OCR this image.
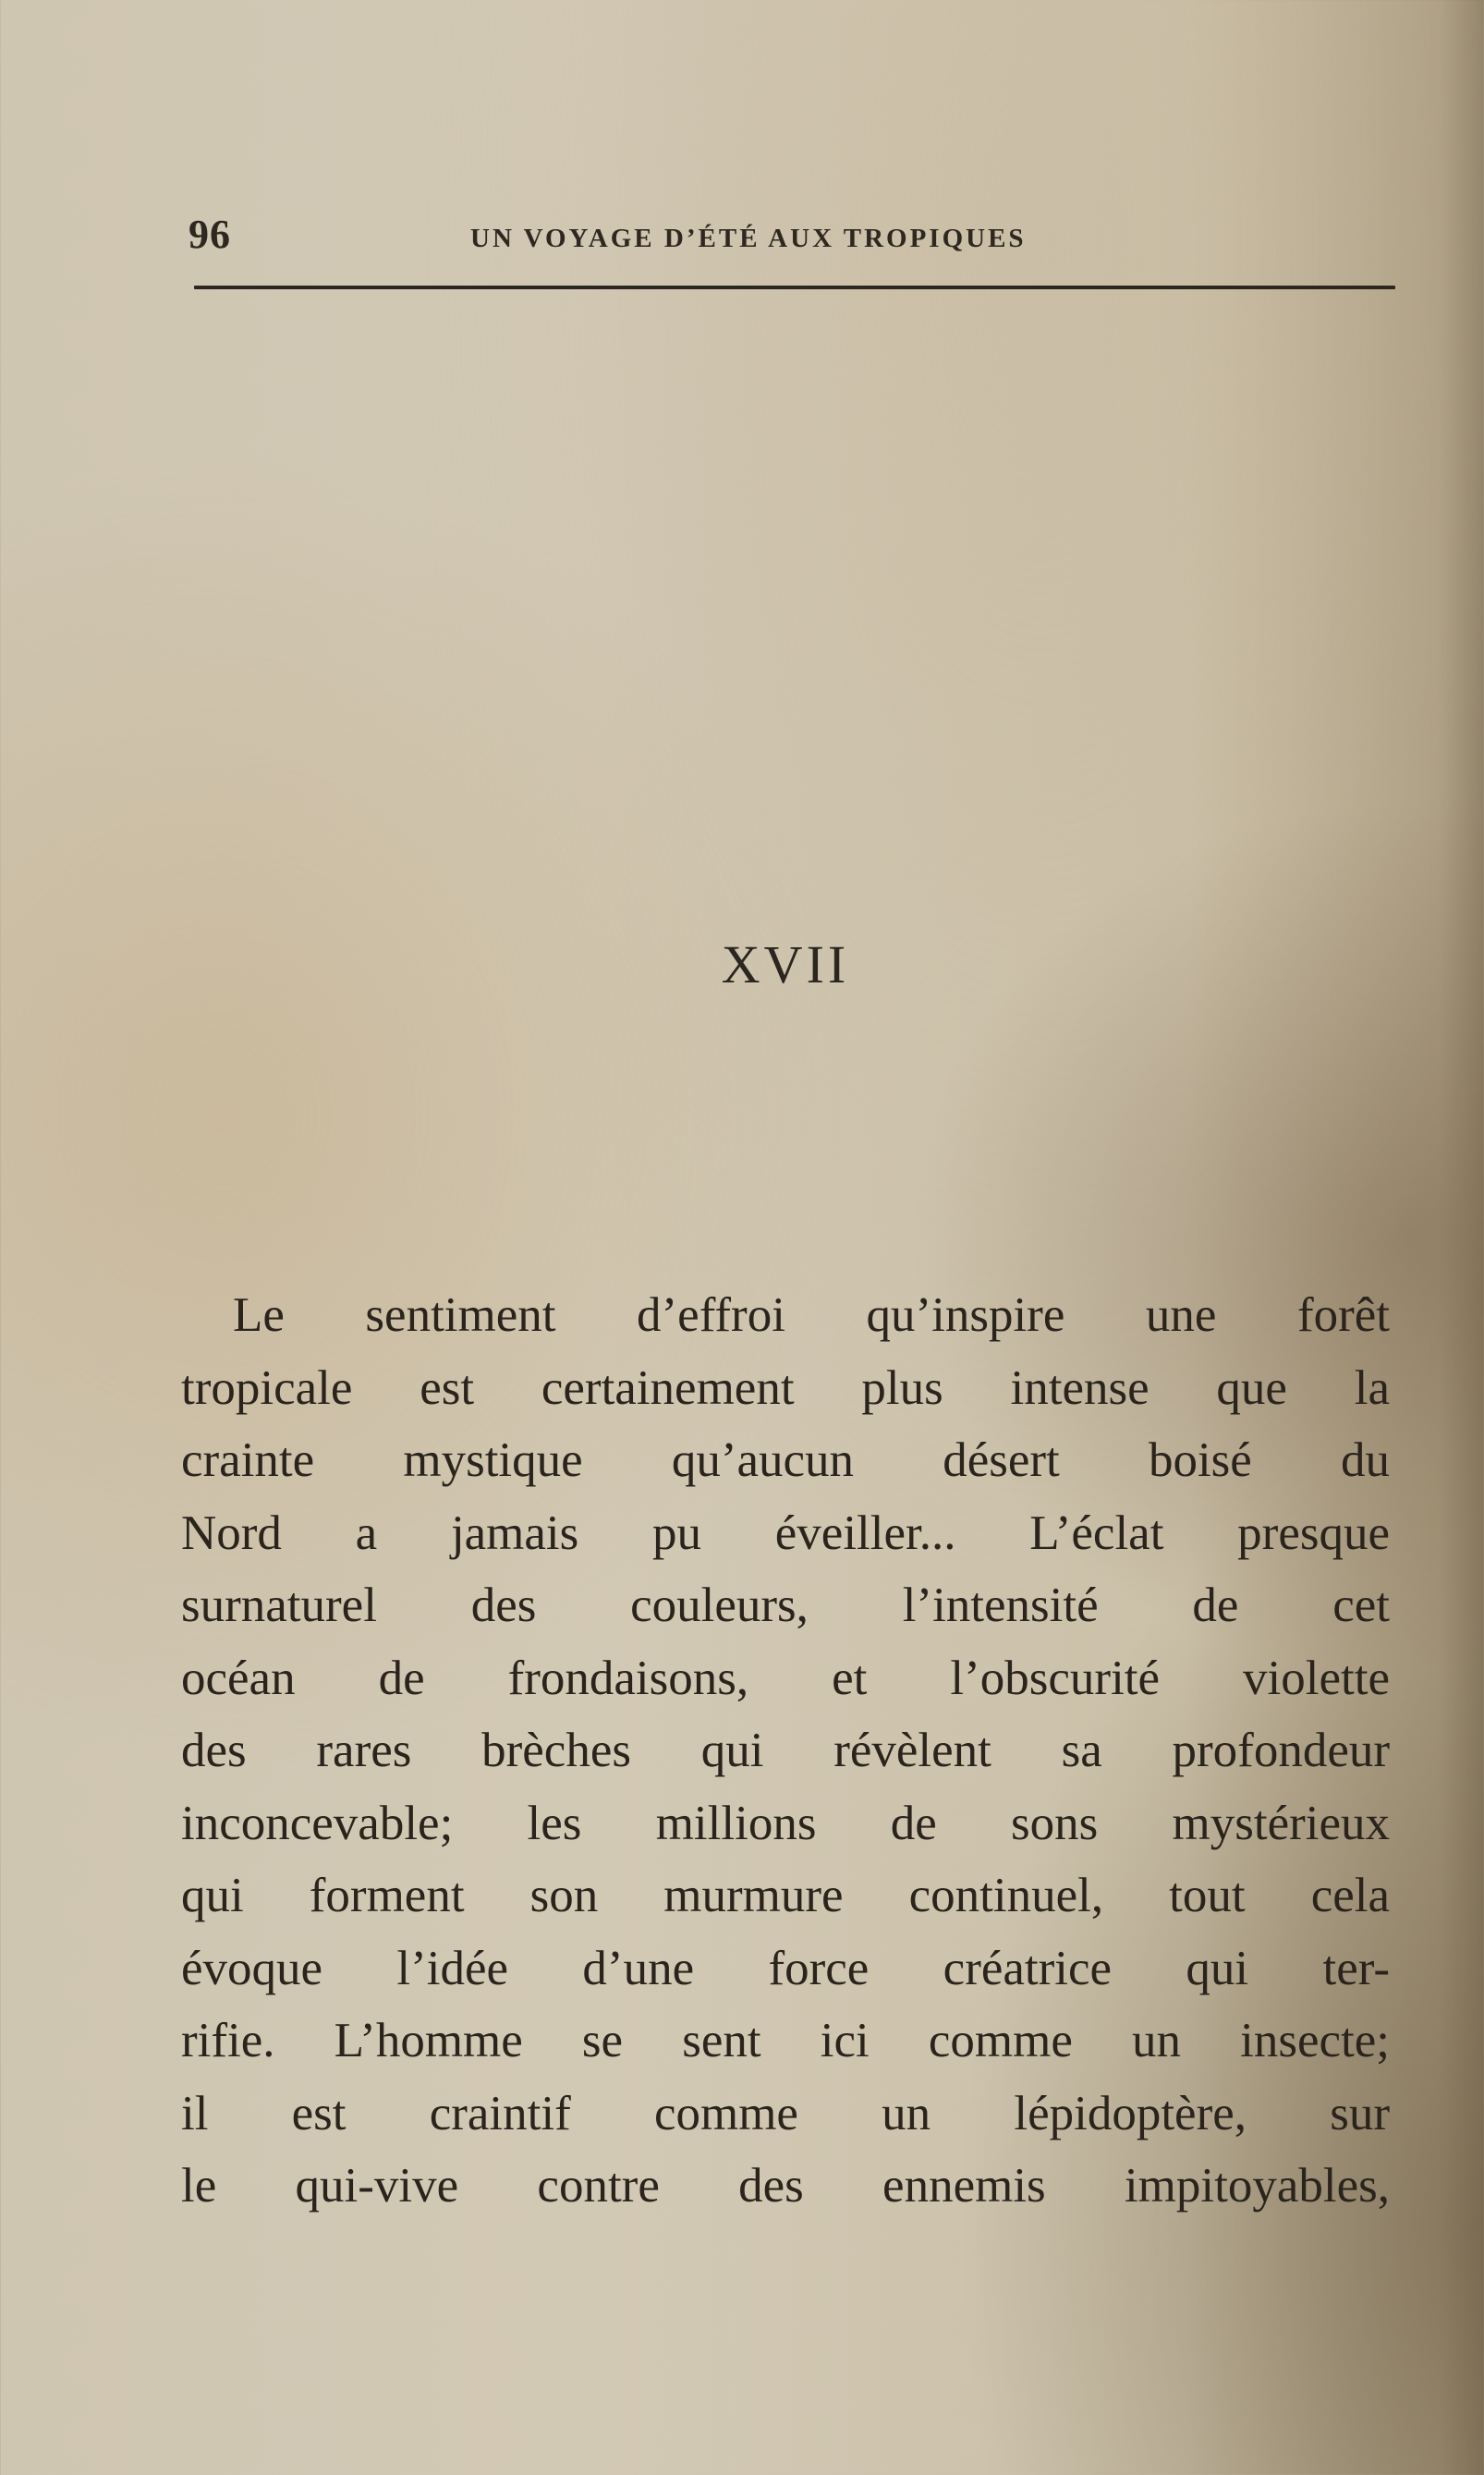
96	UN VOYAGE D’ÉTÉ AUX TROPIQUES
XVII
Le sentiment d’effroi qu’inspire une forêt
tropicale est certainement plus intense que la
crainte mystique qu’aucun désert boisé du
Nord a jamais pu éveiller... L’éclat presque
surnaturel des couleurs, l’intensité de cet
océan de frondaisons, et l’obscurité violette
des rares brèches qui révèlent sa profondeur
inconcevable; les millions de sons mystérieux
qui forment son murmure continuel, tout cela
évoque l’idée d’une force créatrice qui ter-
rifie. L’homme se sent ici comme un insecte;
il est craintif comme un lépidoptère, sur
le qui-vive contre des ennemis impitoyables,
